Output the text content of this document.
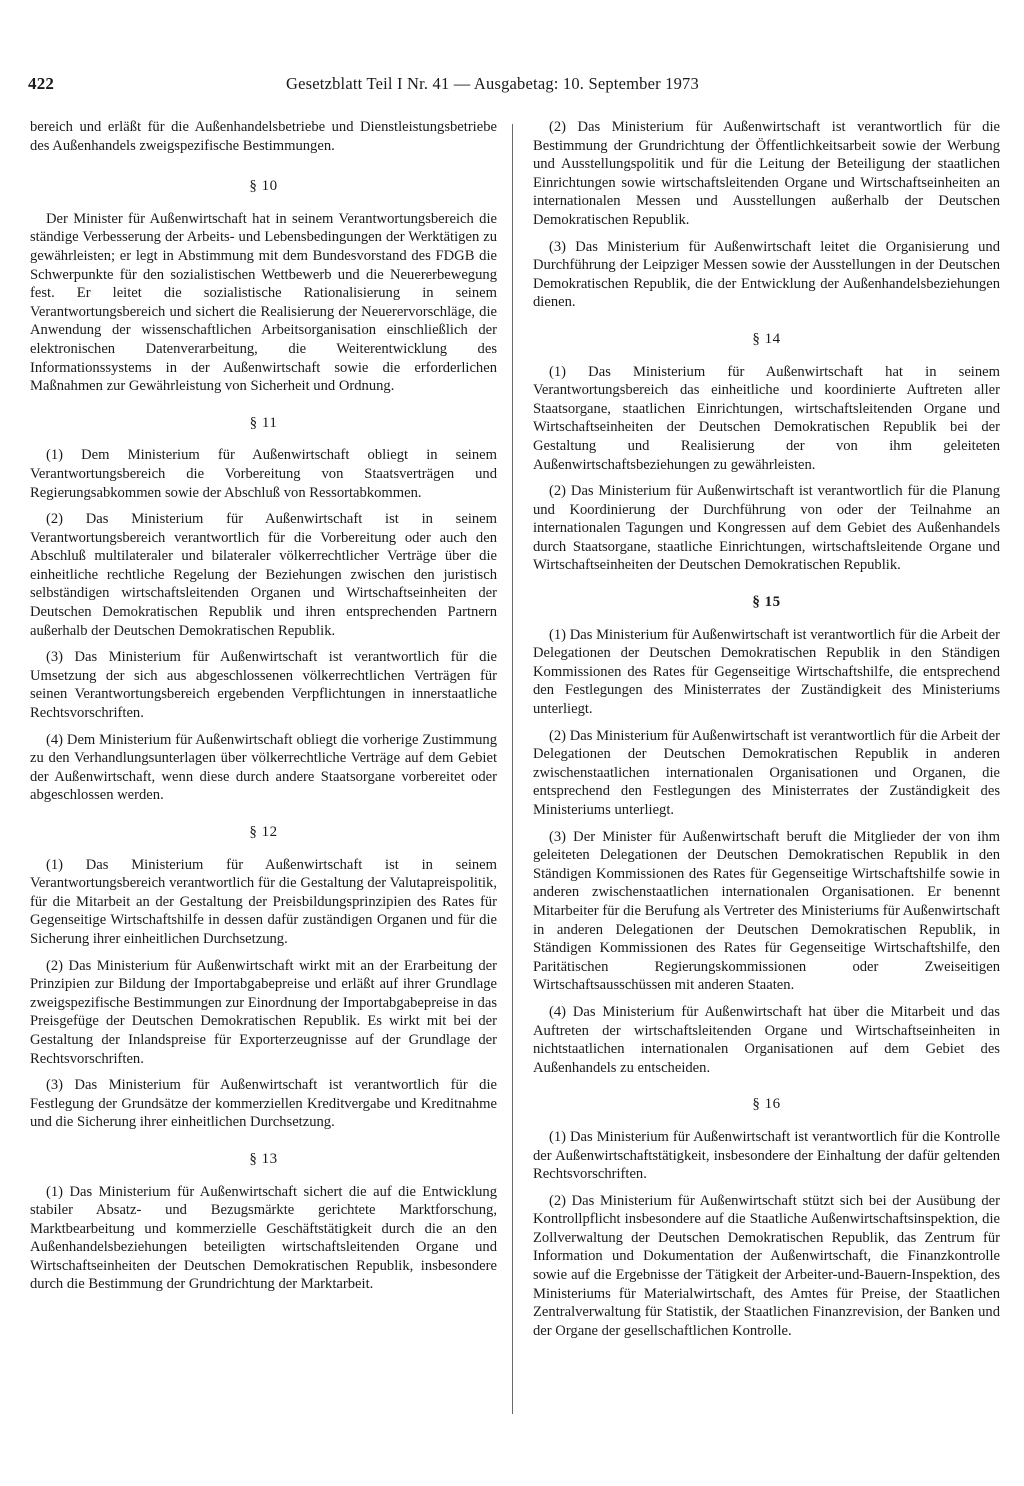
422	Gesetzblatt Teil I Nr. 41 — Ausgabetag: 10. September 1973

bereich und erläßt für die Außenhandelsbetriebe und Dienstleistungsbetriebe des Außenhandels zweigspezifische Bestimmungen.

§ 10

Der Minister für Außenwirtschaft hat in seinem Verantwortungsbereich die ständige Verbesserung der Arbeits- und Lebensbedingungen der Werktätigen zu gewährleisten; er legt in Abstimmung mit dem Bundesvorstand des FDGB die Schwerpunkte für den sozialistischen Wettbewerb und die Neuererbewegung fest. Er leitet die sozialistische Rationalisierung in seinem Verantwortungsbereich und sichert die Realisierung der Neuerervorschläge, die Anwendung der wissenschaftlichen Arbeitsorganisation einschließlich der elektronischen Datenverarbeitung, die Weiterentwicklung des Informationssystems in der Außenwirtschaft sowie die erforderlichen Maßnahmen zur Gewährleistung von Sicherheit und Ordnung.

§ 11

(1) Dem Ministerium für Außenwirtschaft obliegt in seinem Verantwortungsbereich die Vorbereitung von Staatsverträgen und Regierungsabkommen sowie der Abschluß von Ressortabkommen.

(2) Das Ministerium für Außenwirtschaft ist in seinem Verantwortungsbereich verantwortlich für die Vorbereitung oder auch den Abschluß multilateraler und bilateraler völkerrechtlicher Verträge über die einheitliche rechtliche Regelung der Beziehungen zwischen den juristisch selbständigen wirtschaftsleitenden Organen und Wirtschaftseinheiten der Deutschen Demokratischen Republik und ihren entsprechenden Partnern außerhalb der Deutschen Demokratischen Republik.

(3) Das Ministerium für Außenwirtschaft ist verantwortlich für die Umsetzung der sich aus abgeschlossenen völkerrechtlichen Verträgen für seinen Verantwortungsbereich ergebenden Verpflichtungen in innerstaatliche Rechtsvorschriften.

(4) Dem Ministerium für Außenwirtschaft obliegt die vorherige Zustimmung zu den Verhandlungsunterlagen über völkerrechtliche Verträge auf dem Gebiet der Außenwirtschaft, wenn diese durch andere Staatsorgane vorbereitet oder abgeschlossen werden.

§ 12

(1) Das Ministerium für Außenwirtschaft ist in seinem Verantwortungsbereich verantwortlich für die Gestaltung der Valutapreispolitik, für die Mitarbeit an der Gestaltung der Preisbildungsprinzipien des Rates für Gegenseitige Wirtschaftshilfe in dessen dafür zuständigen Organen und für die Sicherung ihrer einheitlichen Durchsetzung.

(2) Das Ministerium für Außenwirtschaft wirkt mit an der Erarbeitung der Prinzipien zur Bildung der Importabgabepreise und erläßt auf ihrer Grundlage zweigspezifische Bestimmungen zur Einordnung der Importabgabepreise in das Preisgefüge der Deutschen Demokratischen Republik. Es wirkt mit bei der Gestaltung der Inlandspreise für Exporterzeugnisse auf der Grundlage der Rechtsvorschriften.

(3) Das Ministerium für Außenwirtschaft ist verantwortlich für die Festlegung der Grundsätze der kommerziellen Kreditvergabe und Kreditnahme und die Sicherung ihrer einheitlichen Durchsetzung.

§ 13

(1) Das Ministerium für Außenwirtschaft sichert die auf die Entwicklung stabiler Absatz- und Bezugsmärkte gerichtete Marktforschung, Marktbearbeitung und kommerzielle Geschäftstätigkeit durch die an den Außenhandelsbeziehungen beteiligten wirtschaftsleitenden Organe und Wirtschaftseinheiten der Deutschen Demokratischen Republik, insbesondere durch die Bestimmung der Grundrichtung der Marktarbeit.

(2) Das Ministerium für Außenwirtschaft ist verantwortlich für die Bestimmung der Grundrichtung der Öffentlichkeitsarbeit sowie der Werbung und Ausstellungspolitik und für die Leitung der Beteiligung der staatlichen Einrichtungen sowie wirtschaftsleitenden Organe und Wirtschaftseinheiten an internationalen Messen und Ausstellungen außerhalb der Deutschen Demokratischen Republik.

(3) Das Ministerium für Außenwirtschaft leitet die Organisierung und Durchführung der Leipziger Messen sowie der Ausstellungen in der Deutschen Demokratischen Republik, die der Entwicklung der Außenhandelsbeziehungen dienen.

§ 14

(1) Das Ministerium für Außenwirtschaft hat in seinem Verantwortungsbereich das einheitliche und koordinierte Auftreten aller Staatsorgane, staatlichen Einrichtungen, wirtschaftsleitenden Organe und Wirtschaftseinheiten der Deutschen Demokratischen Republik bei der Gestaltung und Realisierung der von ihm geleiteten Außenwirtschaftsbeziehungen zu gewährleisten.

(2) Das Ministerium für Außenwirtschaft ist verantwortlich für die Planung und Koordinierung der Durchführung von oder der Teilnahme an internationalen Tagungen und Kongressen auf dem Gebiet des Außenhandels durch Staatsorgane, staatliche Einrichtungen, wirtschaftsleitende Organe und Wirtschaftseinheiten der Deutschen Demokratischen Republik.

§ 15

(1) Das Ministerium für Außenwirtschaft ist verantwortlich für die Arbeit der Delegationen der Deutschen Demokratischen Republik in den Ständigen Kommissionen des Rates für Gegenseitige Wirtschaftshilfe, die entsprechend den Festlegungen des Ministerrates der Zuständigkeit des Ministeriums unterliegt.

(2) Das Ministerium für Außenwirtschaft ist verantwortlich für die Arbeit der Delegationen der Deutschen Demokratischen Republik in anderen zwischenstaatlichen internationalen Organisationen und Organen, die entsprechend den Festlegungen des Ministerrates der Zuständigkeit des Ministeriums unterliegt.

(3) Der Minister für Außenwirtschaft beruft die Mitglieder der von ihm geleiteten Delegationen der Deutschen Demokratischen Republik in den Ständigen Kommissionen des Rates für Gegenseitige Wirtschaftshilfe sowie in anderen zwischenstaatlichen internationalen Organisationen. Er benennt Mitarbeiter für die Berufung als Vertreter des Ministeriums für Außenwirtschaft in anderen Delegationen der Deutschen Demokratischen Republik, in Ständigen Kommissionen des Rates für Gegenseitige Wirtschaftshilfe, den Paritätischen Regierungskommissionen oder Zweiseitigen Wirtschaftsausschüssen mit anderen Staaten.

(4) Das Ministerium für Außenwirtschaft hat über die Mitarbeit und das Auftreten der wirtschaftsleitenden Organe und Wirtschaftseinheiten in nichtstaatlichen internationalen Organisationen auf dem Gebiet des Außenhandels zu entscheiden.

§ 16

(1) Das Ministerium für Außenwirtschaft ist verantwortlich für die Kontrolle der Außenwirtschaftstätigkeit, insbesondere der Einhaltung der dafür geltenden Rechtsvorschriften.

(2) Das Ministerium für Außenwirtschaft stützt sich bei der Ausübung der Kontrollpflicht insbesondere auf die Staatliche Außenwirtschaftsinspektion, die Zollverwaltung der Deutschen Demokratischen Republik, das Zentrum für Information und Dokumentation der Außenwirtschaft, die Finanzkontrolle sowie auf die Ergebnisse der Tätigkeit der Arbeiter-und-Bauern-Inspektion, des Ministeriums für Materialwirtschaft, des Amtes für Preise, der Staatlichen Zentralverwaltung für Statistik, der Staatlichen Finanzrevision, der Banken und der Organe der gesellschaftlichen Kontrolle.
